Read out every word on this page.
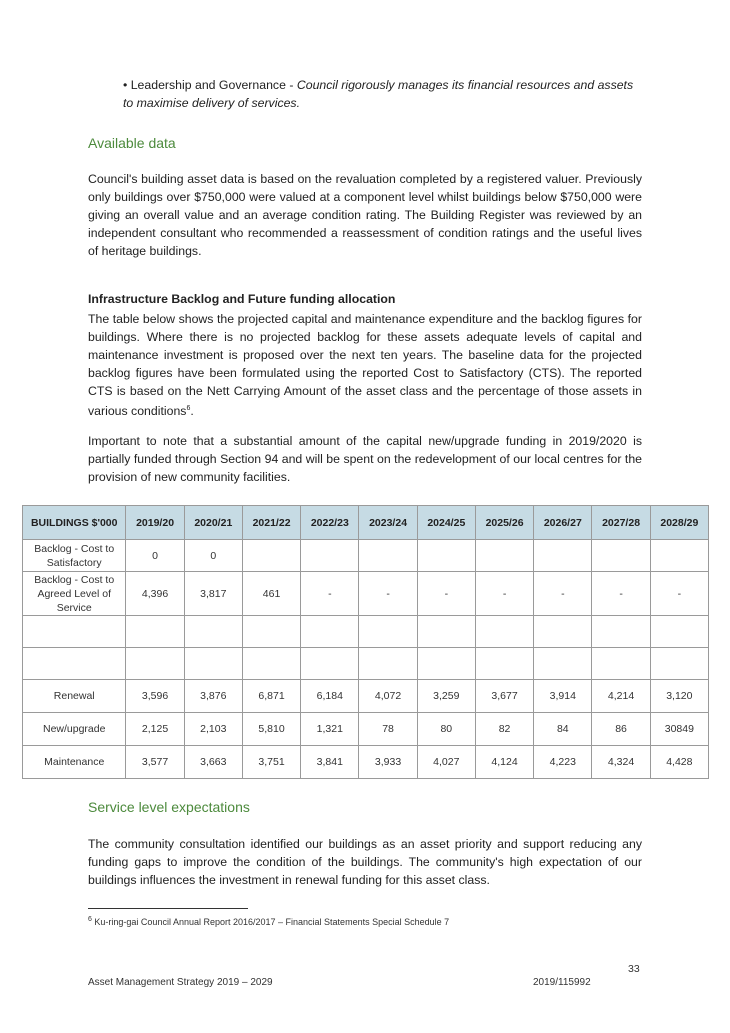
• Leadership and Governance - Council rigorously manages its financial resources and assets to maximise delivery of services.
Available data
Council's building asset data is based on the revaluation completed by a registered valuer. Previously only buildings over $750,000 were valued at a component level whilst buildings below $750,000 were giving an overall value and an average condition rating. The Building Register was reviewed by an independent consultant who recommended a reassessment of condition ratings and the useful lives of heritage buildings.
Infrastructure Backlog and Future funding allocation
The table below shows the projected capital and maintenance expenditure and the backlog figures for buildings. Where there is no projected backlog for these assets adequate levels of capital and maintenance investment is proposed over the next ten years. The baseline data for the projected backlog figures have been formulated using the reported Cost to Satisfactory (CTS). The reported CTS is based on the Nett Carrying Amount of the asset class and the percentage of those assets in various conditions$^6$.
Important to note that a substantial amount of the capital new/upgrade funding in 2019/2020 is partially funded through Section 94 and will be spent on the redevelopment of our local centres for the provision of new community facilities.
BUILDINGS $'000	2019/20	2020/21	2021/22	2022/23	2023/24	2024/25	2025/26	2026/27	2027/28	2028/29
Backlog - Cost to Satisfactory	0	0								
Backlog - Cost to Agreed Level of Service	4,396	3,817	461	-	-	-	-	-	-	-

Renewal	3,596	3,876	6,871	6,184	4,072	3,259	3,677	3,914	4,214	3,120
New/upgrade	2,125	2,103	5,810	1,321	78	80	82	84	86	30849
Maintenance	3,577	3,663	3,751	3,841	3,933	4,027	4,124	4,223	4,324	4,428
Service level expectations
The community consultation identified our buildings as an asset priority and support reducing any funding gaps to improve the condition of the buildings. The community's high expectation of our buildings influences the investment in renewal funding for this asset class.
$^6$ Ku-ring-gai Council Annual Report 2016/2017 – Financial Statements Special Schedule 7
33
Asset Management Strategy 2019 – 2029	2019/115992
